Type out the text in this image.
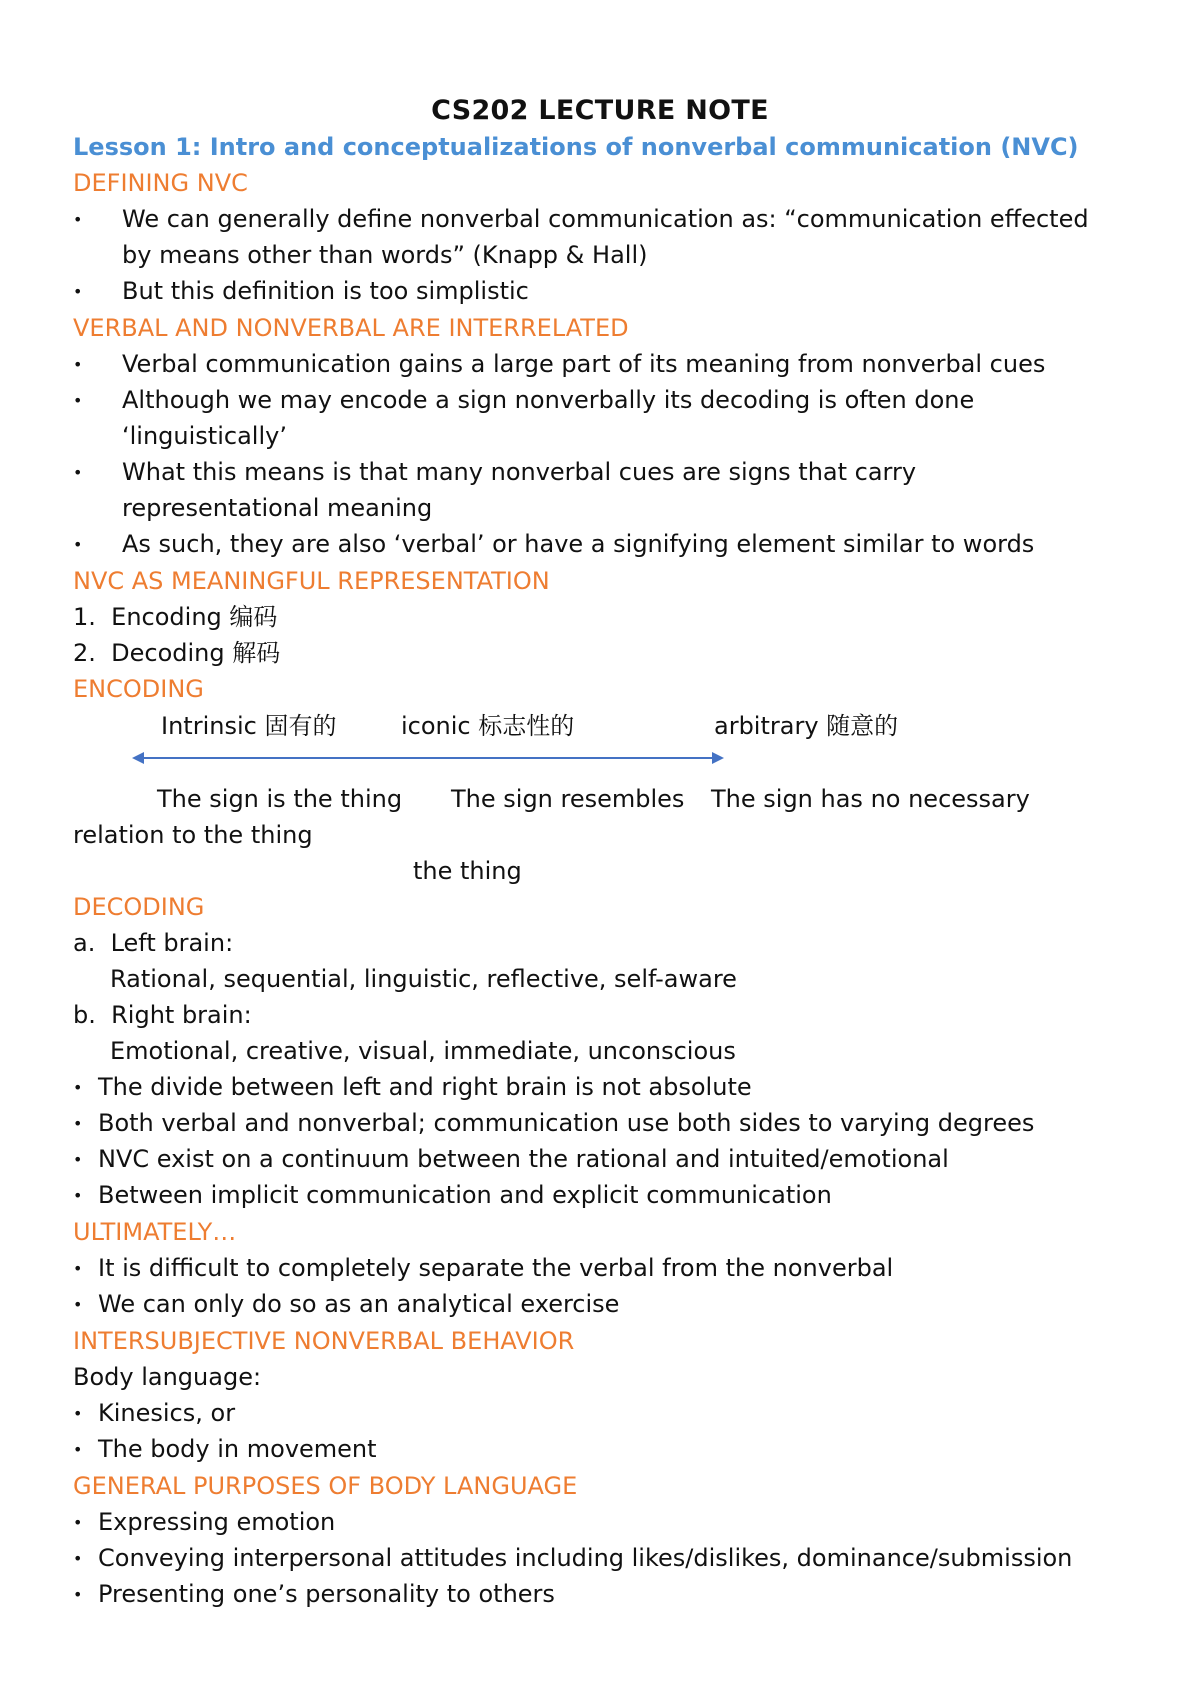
CS202 LECTURE NOTE
Lesson 1: Intro and conceptualizations of nonverbal communication (NVC)
DEFINING NVC
• We can generally define nonverbal communication as: “communication effected
by means other than words” (Knapp & Hall)
• But this definition is too simplistic
VERBAL AND NONVERBAL ARE INTERRELATED
• Verbal communication gains a large part of its meaning from nonverbal cues
• Although we may encode a sign nonverbally its decoding is often done
‘linguistically’
• What this means is that many nonverbal cues are signs that carry
representational meaning
• As such, they are also ‘verbal’ or have a signifying element similar to words
NVC AS MEANINGFUL REPRESENTATION
1.  Encoding 编码
2.  Decoding 解码
ENCODING
Intrinsic 固有的	iconic 标志性的	arbitrary 随意的
The sign is the thing The sign resembles The sign has no necessary
relation to the thing
the thing
DECODING
a.  Left brain:
Rational, sequential, linguistic, reflective, self-aware
b.  Right brain:
Emotional, creative, visual, immediate, unconscious
• The divide between left and right brain is not absolute
• Both verbal and nonverbal; communication use both sides to varying degrees
• NVC exist on a continuum between the rational and intuited/emotional
• Between implicit communication and explicit communication
ULTIMATELY…
• It is difficult to completely separate the verbal from the nonverbal
• We can only do so as an analytical exercise
INTERSUBJECTIVE NONVERBAL BEHAVIOR
Body language:
• Kinesics, or
• The body in movement
GENERAL PURPOSES OF BODY LANGUAGE
• Expressing emotion
• Conveying interpersonal attitudes including likes/dislikes, dominance/submission
• Presenting one’s personality to others
